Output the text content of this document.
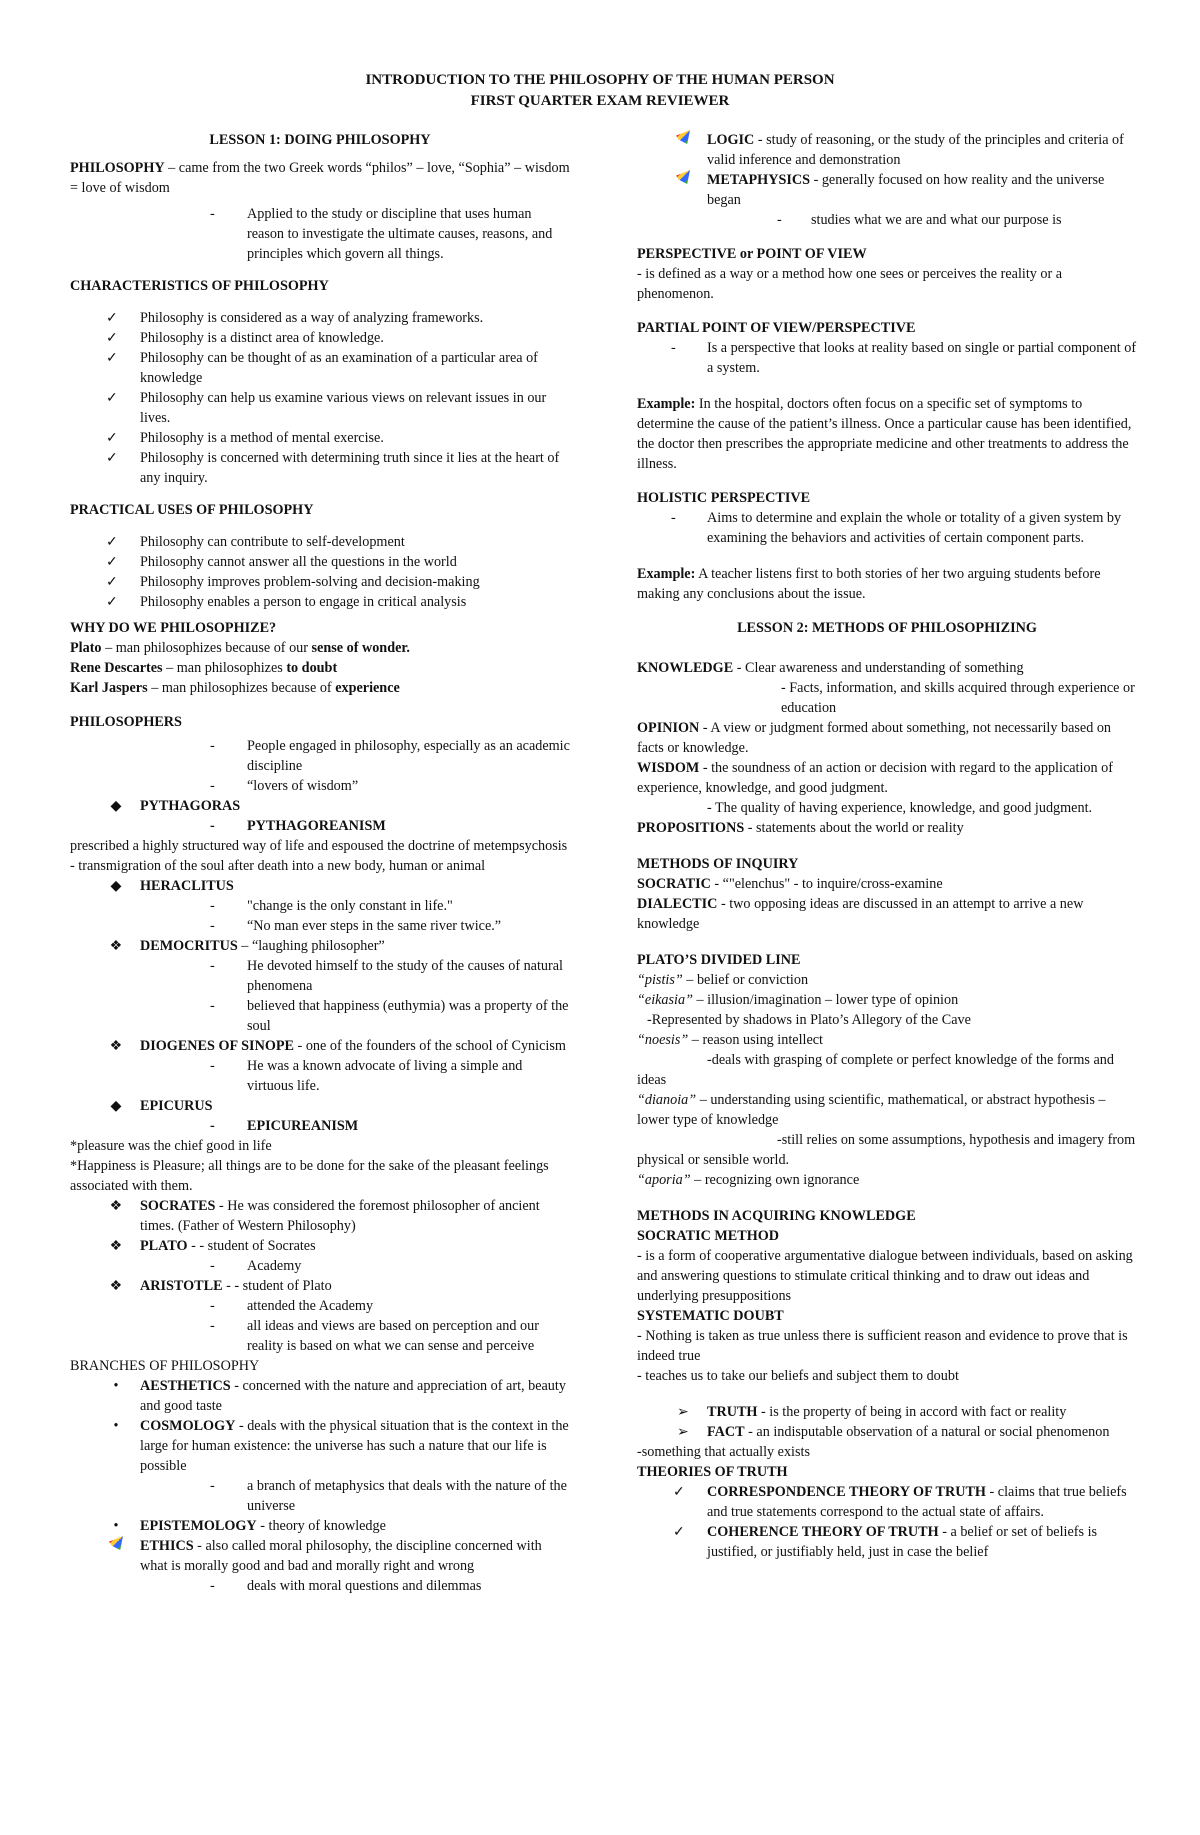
INTRODUCTION TO THE PHILOSOPHY OF THE HUMAN PERSON
FIRST QUARTER EXAM REVIEWER
LESSON 1: DOING PHILOSOPHY
PHILOSOPHY – came from the two Greek words “philos” – love, “Sophia” – wisdom = love of wisdom
- Applied to the study or discipline that uses human reason to investigate the ultimate causes, reasons, and principles which govern all things.
CHARACTERISTICS OF PHILOSOPHY
✓ Philosophy is considered as a way of analyzing frameworks.
✓ Philosophy is a distinct area of knowledge.
✓ Philosophy can be thought of as an examination of a particular area of knowledge
✓ Philosophy can help us examine various views on relevant issues in our lives.
✓ Philosophy is a method of mental exercise.
✓ Philosophy is concerned with determining truth since it lies at the heart of any inquiry.
PRACTICAL USES OF PHILOSOPHY
✓ Philosophy can contribute to self-development
✓ Philosophy cannot answer all the questions in the world
✓ Philosophy improves problem-solving and decision-making
✓ Philosophy enables a person to engage in critical analysis
WHY DO WE PHILOSOPHIZE?
Plato – man philosophizes because of our sense of wonder.
Rene Descartes – man philosophizes to doubt
Karl Jaspers – man philosophizes because of experience
PHILOSOPHERS
- People engaged in philosophy, especially as an academic discipline
- “lovers of wisdom”
◆	PYTHAGORAS
- PYTHAGOREANISM
prescribed a highly structured way of life and espoused the doctrine of metempsychosis - transmigration of the soul after death into a new body, human or animal
◆	HERACLITUS
- "change is the only constant in life."
- “No man ever steps in the same river twice.”
❖ DEMOCRITUS – “laughing philosopher”
- He devoted himself to the study of the causes of natural phenomena
- believed that happiness (euthymia) was a property of the soul
❖ DIOGENES OF SINOPE - one of the founders of the school of Cynicism
- He was a known advocate of living a simple and virtuous life.
◆	EPICURUS
- EPICUREANISM
*pleasure was the chief good in life
*Happiness is Pleasure; all things are to be done for the sake of the pleasant feelings associated with them.
❖ SOCRATES - He was considered the foremost philosopher of ancient times. (Father of Western Philosophy)
❖ PLATO - - student of Socrates
- Academy
❖ ARISTOTLE - - student of Plato
- attended the Academy
- all ideas and views are based on perception and our reality is based on what we can sense and perceive
BRANCHES OF PHILOSOPHY
•	AESTHETICS - concerned with the nature and appreciation of art, beauty and good taste
•	COSMOLOGY - deals with the physical situation that is the context in the large for human existence: the universe has such a nature that our life is possible
- a branch of metaphysics that deals with the nature of the universe
•	EPISTEMOLOGY - theory of knowledge
ETHICS - also called moral philosophy, the discipline concerned with what is morally good and bad and morally right and wrong
- deals with moral questions and dilemmas
LOGIC - study of reasoning, or the study of the principles and criteria of valid inference and demonstration
METAPHYSICS - generally focused on how reality and the universe began
- studies what we are and what our purpose is
PERSPECTIVE or POINT OF VIEW
- is defined as a way or a method how one sees or perceives the reality or a phenomenon.
PARTIAL POINT OF VIEW/PERSPECTIVE
- Is a perspective that looks at reality based on single or partial component of a system.
Example: In the hospital, doctors often focus on a specific set of symptoms to determine the cause of the patient’s illness. Once a particular cause has been identified, the doctor then prescribes the appropriate medicine and other treatments to address the illness.
HOLISTIC PERSPECTIVE
- Aims to determine and explain the whole or totality of a given system by examining the behaviors and activities of certain component parts.
Example: A teacher listens first to both stories of her two arguing students before making any conclusions about the issue.
LESSON 2: METHODS OF PHILOSOPHIZING
KNOWLEDGE - Clear awareness and understanding of something
- Facts, information, and skills acquired through experience or education
OPINION - A view or judgment formed about something, not necessarily based on facts or knowledge.
WISDOM - the soundness of an action or decision with regard to the application of experience, knowledge, and good judgment.
- The quality of having experience, knowledge, and good judgment.
PROPOSITIONS - statements about the world or reality
METHODS OF INQUIRY
SOCRATIC - “"elenchus" - to inquire/cross-examine
DIALECTIC - two opposing ideas are discussed in an attempt to arrive a new knowledge
PLATO’S DIVIDED LINE
“pistis” – belief or conviction
“eikasia” – illusion/imagination – lower type of opinion
-Represented by shadows in Plato’s Allegory of the Cave
“noesis” – reason using intellect
-deals with grasping of complete or perfect knowledge of the forms and ideas
“dianoia” – understanding using scientific, mathematical, or abstract hypothesis – lower type of knowledge
-still relies on some assumptions, hypothesis and imagery from physical or sensible world.
“aporia” – recognizing own ignorance
METHODS IN ACQUIRING KNOWLEDGE
SOCRATIC METHOD
- is a form of cooperative argumentative dialogue between individuals, based on asking and answering questions to stimulate critical thinking and to draw out ideas and underlying presuppositions
SYSTEMATIC DOUBT
- Nothing is taken as true unless there is sufficient reason and evidence to prove that is indeed true
- teaches us to take our beliefs and subject them to doubt
➢ TRUTH - is the property of being in accord with fact or reality
➢ FACT - an indisputable observation of a natural or social phenomenon
-something that actually exists
THEORIES OF TRUTH
✓ CORRESPONDENCE THEORY OF TRUTH - claims that true beliefs and true statements correspond to the actual state of affairs.
✓ COHERENCE THEORY OF TRUTH - a belief or set of beliefs is justified, or justifiably held, just in case the belief
